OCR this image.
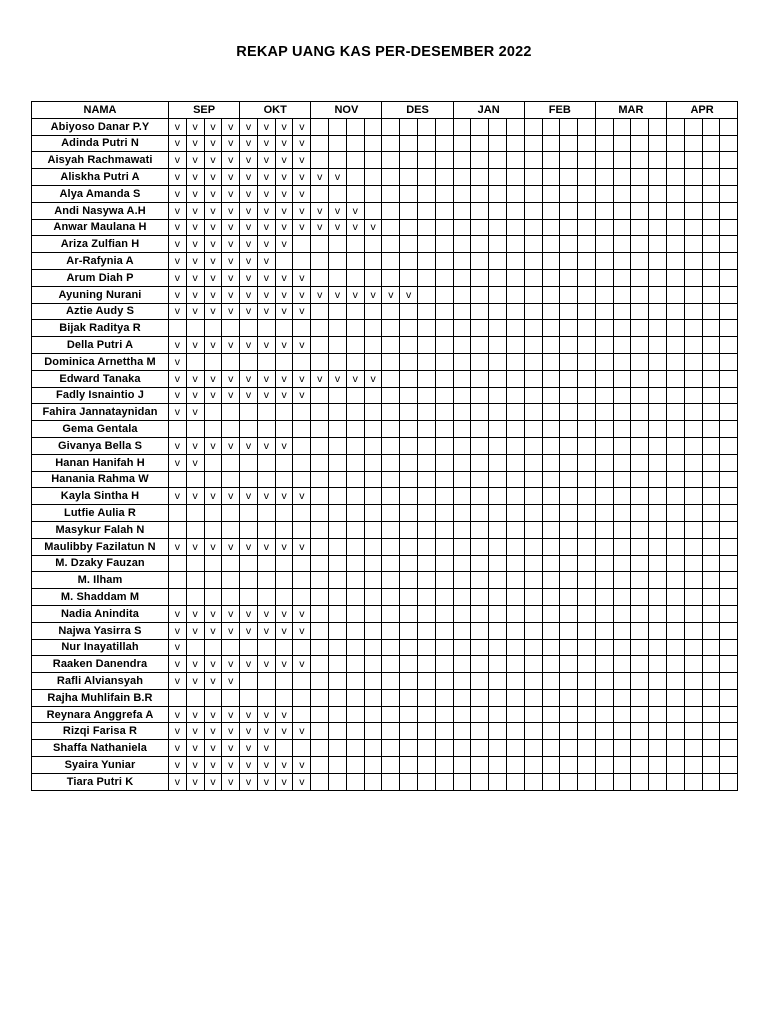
REKAP UANG KAS PER-DESEMBER 2022
NAMA	SEP				OKT				NOV				DES				JAN				FEB				MAR				APR			
Abiyoso Danar P.Y	v	v	v	v	v	v	v	v																								
Adinda Putri N	v	v	v	v	v	v	v	v																								
Aisyah Rachmawati	v	v	v	v	v	v	v	v																								
Aliskha Putri A	v	v	v	v	v	v	v	v	v	v																						
Alya Amanda S	v	v	v	v	v	v	v	v																								
Andi Nasywa A.H	v	v	v	v	v	v	v	v	v	v	v																					
Anwar Maulana H	v	v	v	v	v	v	v	v	v	v	v	v																				
Ariza Zulfian H	v	v	v	v	v	v	v																									
Ar-Rafynia A	v	v	v	v	v	v																										
Arum Diah P	v	v	v	v	v	v	v	v																								
Ayuning Nurani	v	v	v	v	v	v	v	v	v	v	v	v	v	v																		
Aztie Audy S	v	v	v	v	v	v	v	v																								
Bijak Raditya R																																
Della Putri A	v	v	v	v	v	v	v	v																								
Dominica Arnettha M	v																															
Edward Tanaka	v	v	v	v	v	v	v	v	v	v	v	v																				
Fadly Isnaintio J	v	v	v	v	v	v	v	v																								
Fahira Jannataynidan	v	v																														
Gema Gentala																																
Givanya Bella S	v	v	v	v	v	v	v																									
Hanan Hanifah H	v	v																														
Hanania Rahma W																																
Kayla Sintha H	v	v	v	v	v	v	v	v																								
Lutfie Aulia R																																
Masykur Falah N																																
Maulibby Fazilatun N	v	v	v	v	v	v	v	v																								
M. Dzaky Fauzan																																
M. Ilham																																
M. Shaddam M																																
Nadia Anindita	v	v	v	v	v	v	v	v																								
Najwa Yasirra S	v	v	v	v	v	v	v	v																								
Nur Inayatillah	v																															
Raaken Danendra	v	v	v	v	v	v	v	v																								
Rafli Alviansyah	v	v	v	v																												
Rajha Muhlifain B.R																																
Reynara Anggrefa A	v	v	v	v	v	v	v																									
Rizqi Farisa R	v	v	v	v	v	v	v	v																								
Shaffa Nathaniela	v	v	v	v	v	v																										
Syaira Yuniar	v	v	v	v	v	v	v	v																								
Tiara Putri K	v	v	v	v	v	v	v	v																								
